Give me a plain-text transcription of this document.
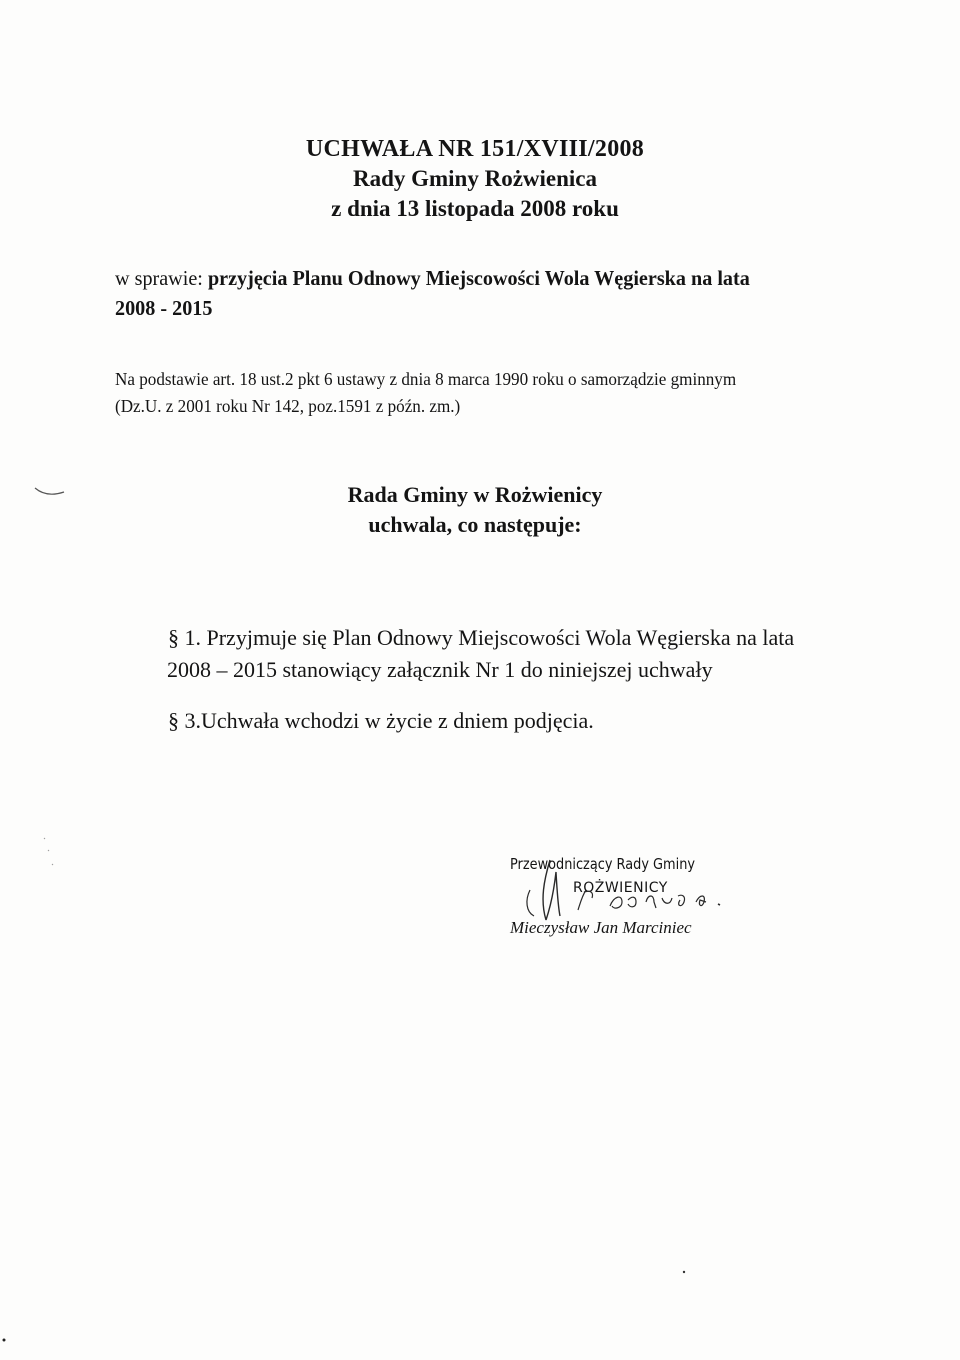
UCHWAŁA NR 151/XVIII/2008
Rady Gminy Rożwienica
z dnia 13 listopada 2008 roku
w sprawie: przyjęcia Planu Odnowy Miejscowości Wola Węgierska na lata
2008 - 2015
Na podstawie art. 18 ust.2 pkt 6 ustawy z dnia 8 marca 1990 roku o samorządzie gminnym
(Dz.U. z 2001 roku Nr 142, poz.1591 z późn. zm.)
Rada Gminy w Rożwienicy
uchwala, co następuje:
§ 1. Przyjmuje się Plan Odnowy Miejscowości Wola Węgierska na lata
2008 – 2015 stanowiący załącznik Nr 1 do niniejszej uchwały
§ 3.Uchwała wchodzi w życie z dniem podjęcia.
Przewodniczący Rady Gminy
ROŻWIENICY
Mieczysław Jan Marciniec
